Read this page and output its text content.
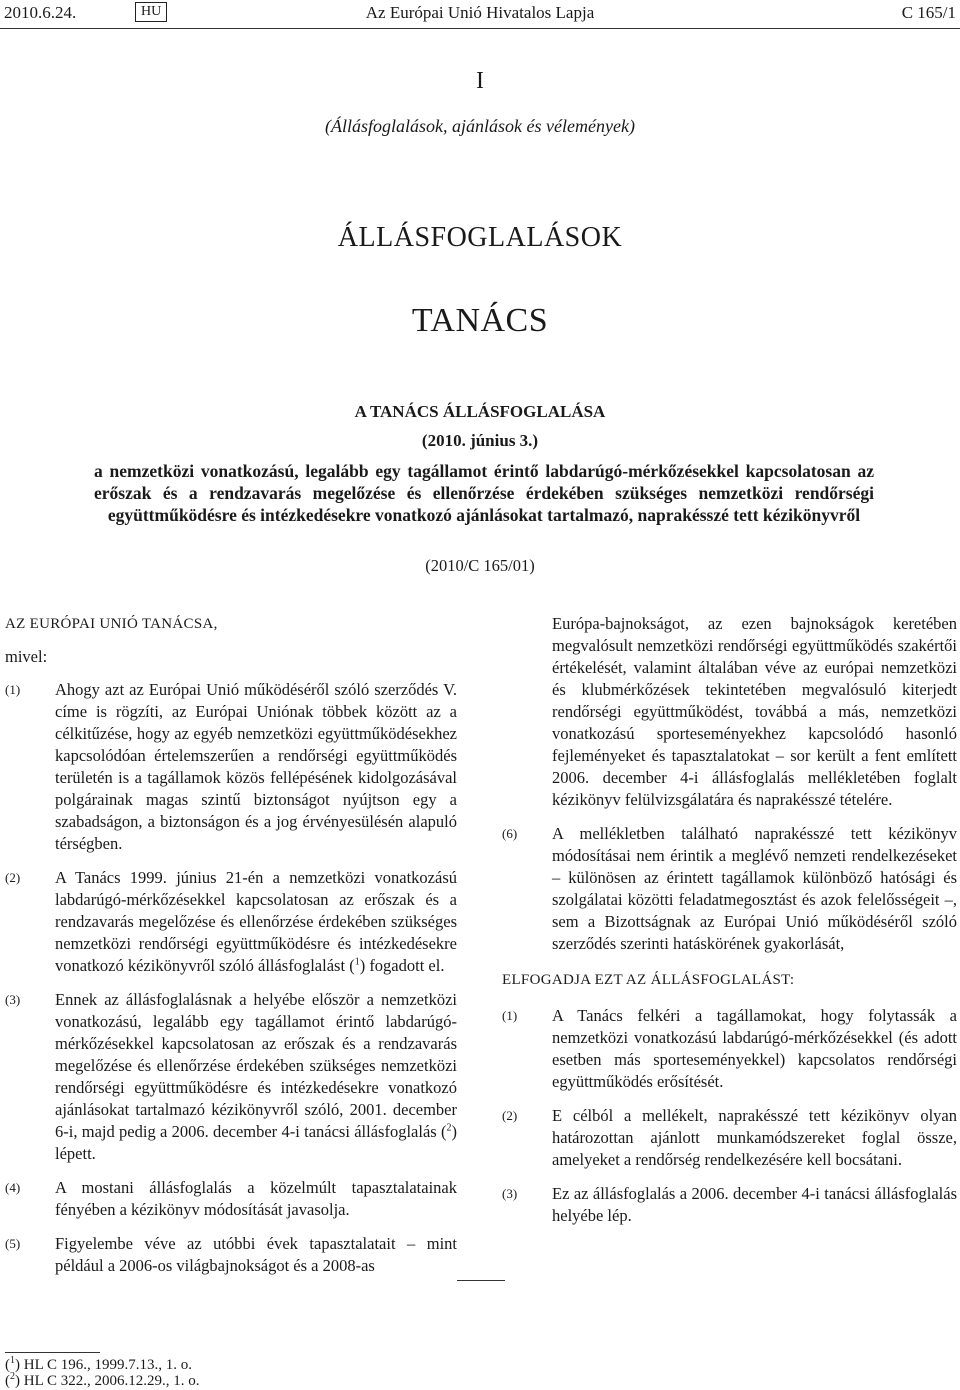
2010.6.24.	HU	Az Európai Unió Hivatalos Lapja	C 165/1
I
(Állásfoglalások, ajánlások és vélemények)
ÁLLÁSFOGLALÁSOK
TANÁCS
A TANÁCS ÁLLÁSFOGLALÁSA
(2010. június 3.)
a nemzetközi vonatkozású, legalább egy tagállamot érintő labdarúgó-mérkőzésekkel kapcsolatosan az erőszak és a rendzavarás megelőzése és ellenőrzése érdekében szükséges nemzetközi rendőrségi együttműködésre és intézkedésekre vonatkozó ajánlásokat tartalmazó, naprakésszé tett kézikönyvről
(2010/C 165/01)

AZ EURÓPAI UNIÓ TANÁCSA,

mivel:

(1) Ahogy azt az Európai Unió működéséről szóló szerződés V. címe is rögzíti, az Európai Uniónak többek között az a célkitűzése, hogy az egyéb nemzetközi együttműködésekhez kapcsolódóan értelemszerűen a rendőrségi együttműködés területén is a tagállamok közös fellépésének kidolgozásával polgárainak magas szintű biztonságot nyújtson egy a szabadságon, a biztonságon és a jog érvényesülésén alapuló térségben.
(2) A Tanács 1999. június 21-én a nemzetközi vonatkozású labdarúgó-mérkőzésekkel kapcsolatosan az erőszak és a rendzavarás megelőzése és ellenőrzése érdekében szükséges nemzetközi rendőrségi együttműködésre és intézkedésekre vonatkozó kézikönyvről szóló állásfoglalást ($^1$) fogadott el.
(3) Ennek az állásfoglalásnak a helyébe először a nemzetközi vonatkozású, legalább egy tagállamot érintő labdarúgó-mérkőzésekkel kapcsolatosan az erőszak és a rendzavarás megelőzése és ellenőrzése érdekében szükséges nemzetközi rendőrségi együttműködésre és intézkedésekre vonatkozó ajánlásokat tartalmazó kézikönyvről szóló, 2001. december 6-i, majd pedig a 2006. december 4-i tanácsi állásfoglalás ($^2$) lépett.
(4) A mostani állásfoglalás a közelmúlt tapasztalatainak fényében a kézikönyv módosítását javasolja.
(5) Figyelembe véve az utóbbi évek tapasztalatait – mint például a 2006-os világbajnokságot és a 2008-as

Európa-bajnokságot, az ezen bajnokságok keretében megvalósult nemzetközi rendőrségi együttműködés szakértői értékelését, valamint általában véve az európai nemzetközi és klubmérkőzések tekintetében megvalósuló kiterjedt rendőrségi együttműködést, továbbá a más, nemzetközi vonatkozású sporteseményekhez kapcsolódó hasonló fejleményeket és tapasztalatokat – sor került a fent említett 2006. december 4-i állásfoglalás mellékletében foglalt kézikönyv felülvizsgálatára és naprakésszé tételére.

(6) A mellékletben található naprakésszé tett kézikönyv módosításai nem érintik a meglévő nemzeti rendelkezéseket – különösen az érintett tagállamok különböző hatósági és szolgálatai közötti feladatmegosztást és azok felelősségeit –, sem a Bizottságnak az Európai Unió működéséről szóló szerződés szerinti hatáskörének gyakorlását,

ELFOGADJA EZT AZ ÁLLÁSFOGLALÁST:

(1) A Tanács felkéri a tagállamokat, hogy folytassák a nemzetközi vonatkozású labdarúgó-mérkőzésekkel (és adott esetben más sporteseményekkel) kapcsolatos rendőrségi együttműködés erősítését.
(2) E célból a mellékelt, naprakésszé tett kézikönyv olyan határozottan ajánlott munkamódszereket foglal össze, amelyeket a rendőrség rendelkezésére kell bocsátani.
(3) Ez az állásfoglalás a 2006. december 4-i tanácsi állásfoglalás helyébe lép.
($^1$) HL C 196., 1999.7.13., 1. o.
($^2$) HL C 322., 2006.12.29., 1. o.
